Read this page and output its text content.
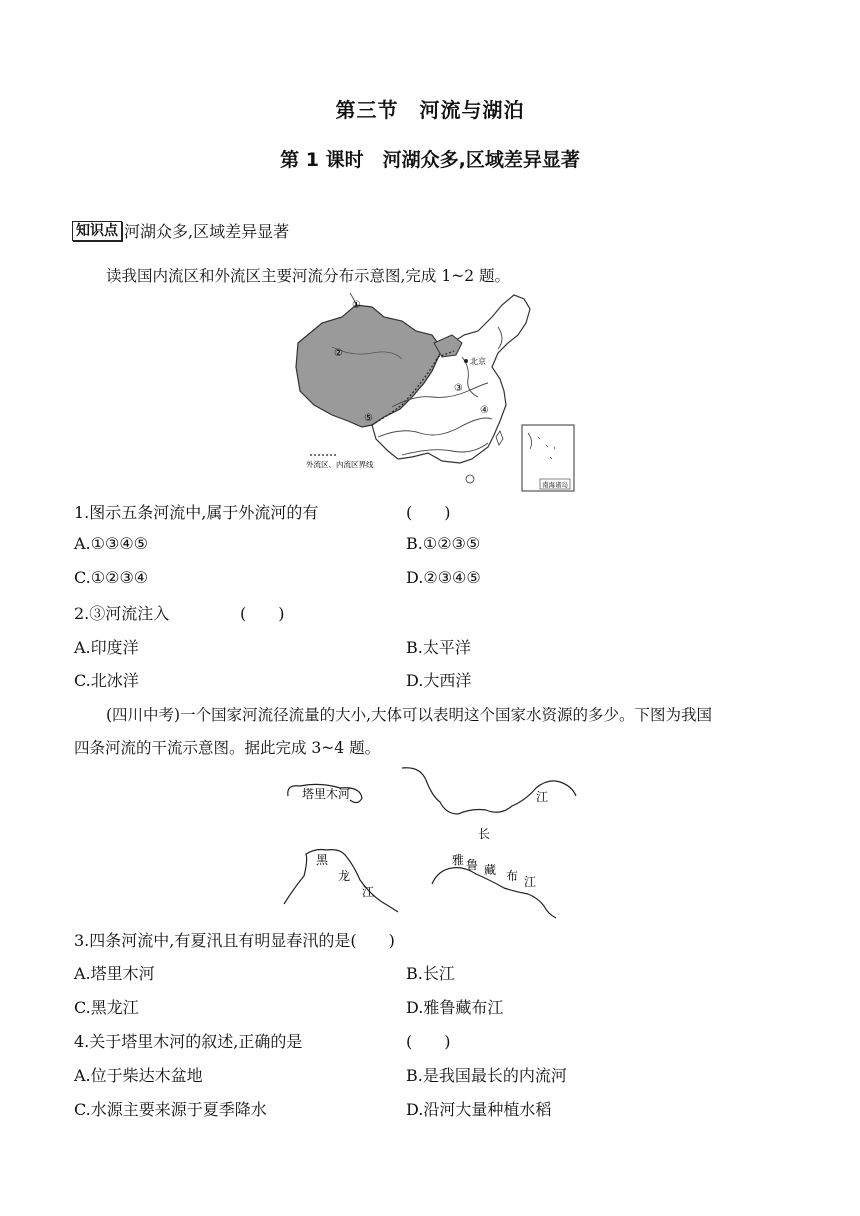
第三节　河流与湖泊
第 1 课时　河湖众多,区域差异显著
知识点 河湖众多,区域差异显著
读我国内流区和外流区主要河流分布示意图,完成 1~2 题。
①
②
③
④
⑤
北京
外流区、内流区界线
南海诸岛
1.图示五条河流中,属于外流河的有	(　　)
A.①③④⑤	B.①②③⑤
C.①②③④	D.②③④⑤
2.③河流注入	(　　)
A.印度洋	B.太平洋
C.北冰洋	D.大西洋
(四川中考)一个国家河流径流量的大小,大体可以表明这个国家水资源的多少。下图为我国
四条河流的干流示意图。据此完成 3~4 题。
塔里木河
长
江
黑
龙
江
雅 鲁 藏 布 江
3.四条河流中,有夏汛且有明显春汛的是(　　)
A.塔里木河	B.长江
C.黑龙江	D.雅鲁藏布江
4.关于塔里木河的叙述,正确的是	(　　)
A.位于柴达木盆地	B.是我国最长的内流河
C.水源主要来源于夏季降水	D.沿河大量种植水稻
